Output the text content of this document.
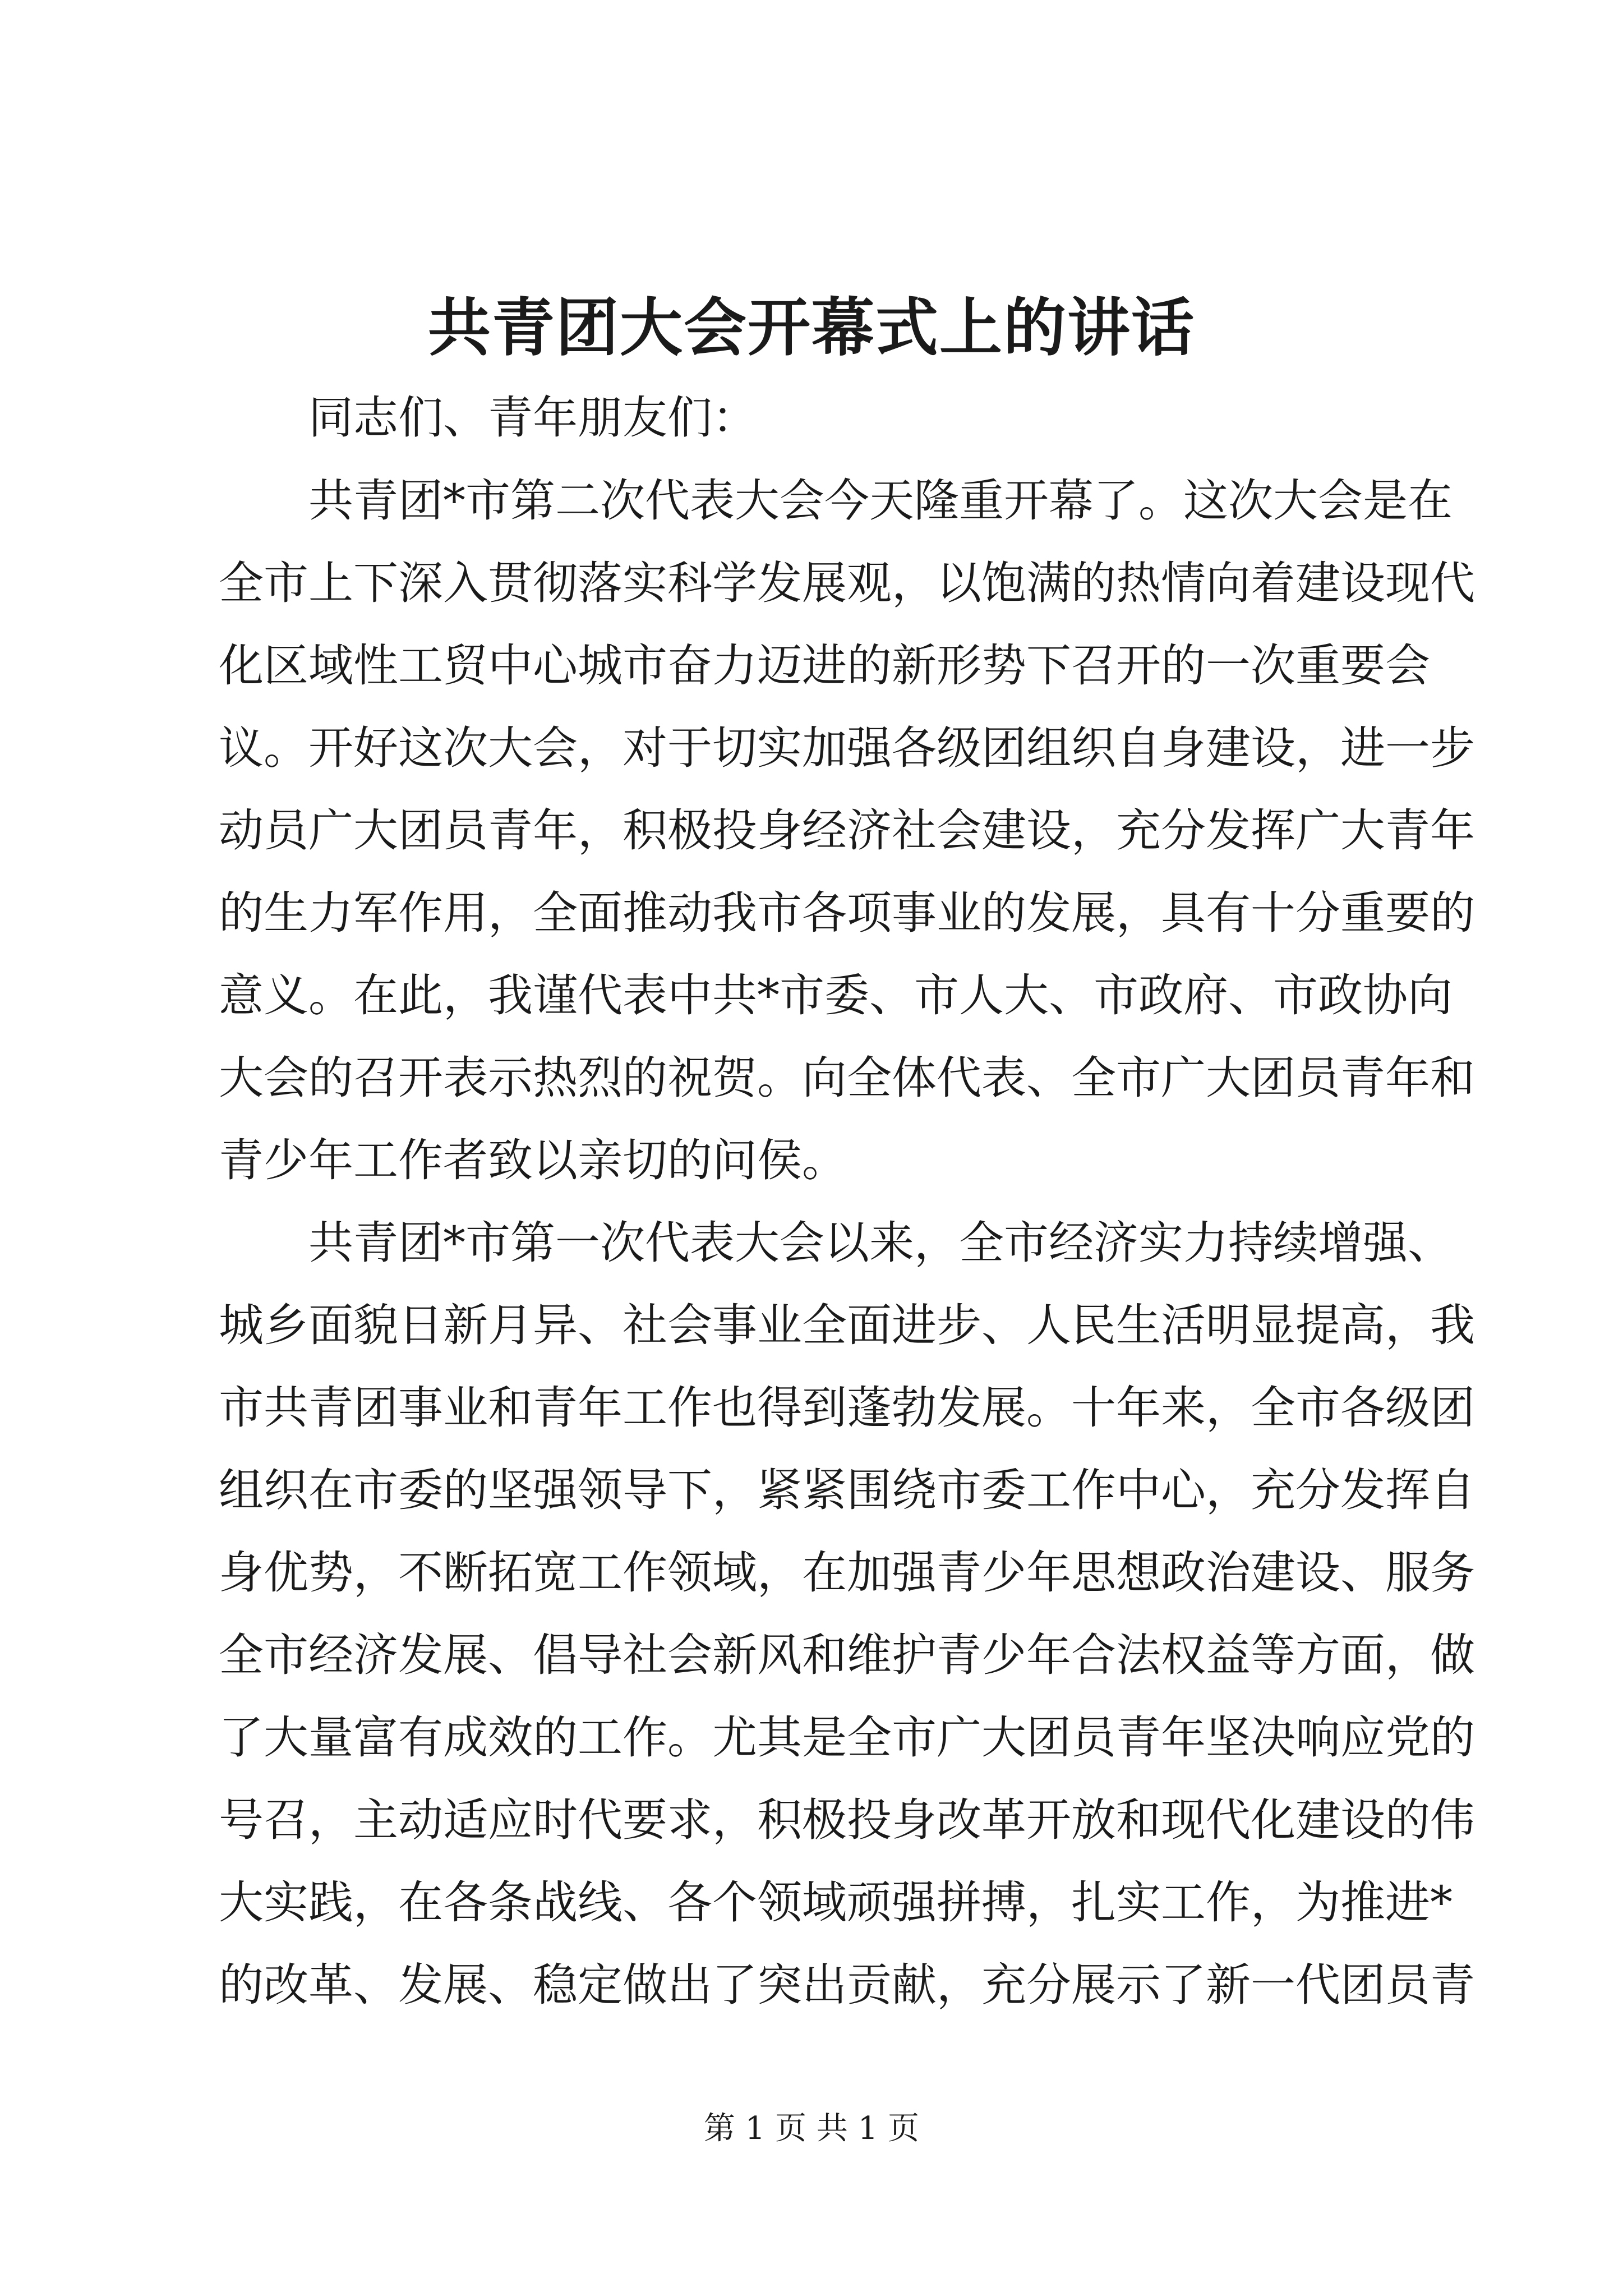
共青团大会开幕式上的讲话
同志们、青年朋友们：
共青团*市第二次代表大会今天隆重开幕了。这次大会是在
全市上下深入贯彻落实科学发展观，以饱满的热情向着建设现代
化区域性工贸中心城市奋力迈进的新形势下召开的一次重要会
议。开好这次大会，对于切实加强各级团组织自身建设，进一步
动员广大团员青年，积极投身经济社会建设，充分发挥广大青年
的生力军作用，全面推动我市各项事业的发展，具有十分重要的
意义。在此，我谨代表中共*市委、市人大、市政府、市政协向
大会的召开表示热烈的祝贺。向全体代表、全市广大团员青年和
青少年工作者致以亲切的问侯。
共青团*市第一次代表大会以来，全市经济实力持续增强、
城乡面貌日新月异、社会事业全面进步、人民生活明显提高，我
市共青团事业和青年工作也得到蓬勃发展。十年来，全市各级团
组织在市委的坚强领导下，紧紧围绕市委工作中心，充分发挥自
身优势，不断拓宽工作领域，在加强青少年思想政治建设、服务
全市经济发展、倡导社会新风和维护青少年合法权益等方面，做
了大量富有成效的工作。尤其是全市广大团员青年坚决响应党的
号召，主动适应时代要求，积极投身改革开放和现代化建设的伟
大实践，在各条战线、各个领域顽强拼搏，扎实工作，为推进*
的改革、发展、稳定做出了突出贡献，充分展示了新一代团员青
第 1 页 共 1 页
